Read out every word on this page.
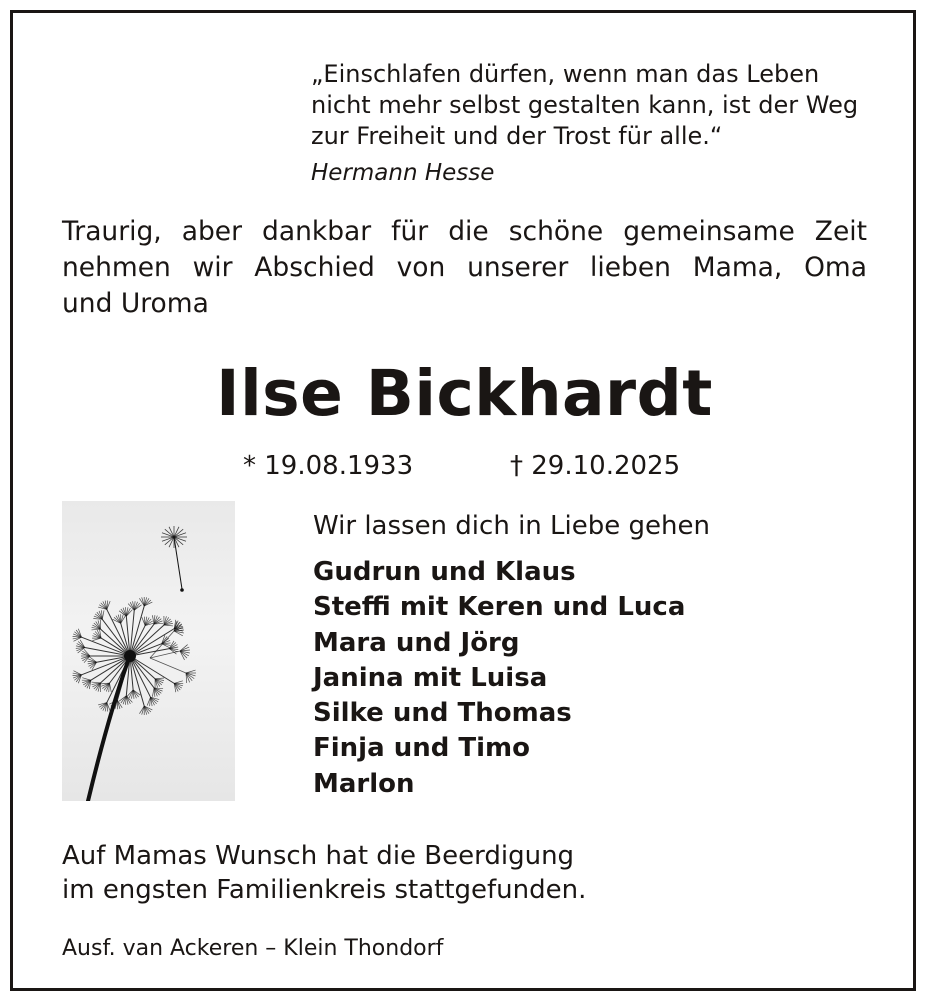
„Einschlafen dürfen, wenn man das Leben
nicht mehr selbst gestalten kann, ist der Weg
zur Freiheit und der Trost für alle.“
Hermann Hesse
Traurig, aber dankbar für die schöne gemeinsame Zeit
nehmen wir Abschied von unserer lieben Mama, Oma
und Uroma
Ilse Bickhardt
* 19.08.1933	† 29.10.2025
Wir lassen dich in Liebe gehen
Gudrun und Klaus
Steffi mit Keren und Luca
Mara und Jörg
Janina mit Luisa
Silke und Thomas
Finja und Timo
Marlon
Auf Mamas Wunsch hat die Beerdigung
im engsten Familienkreis stattgefunden.
Ausf. van Ackeren – Klein Thondorf
